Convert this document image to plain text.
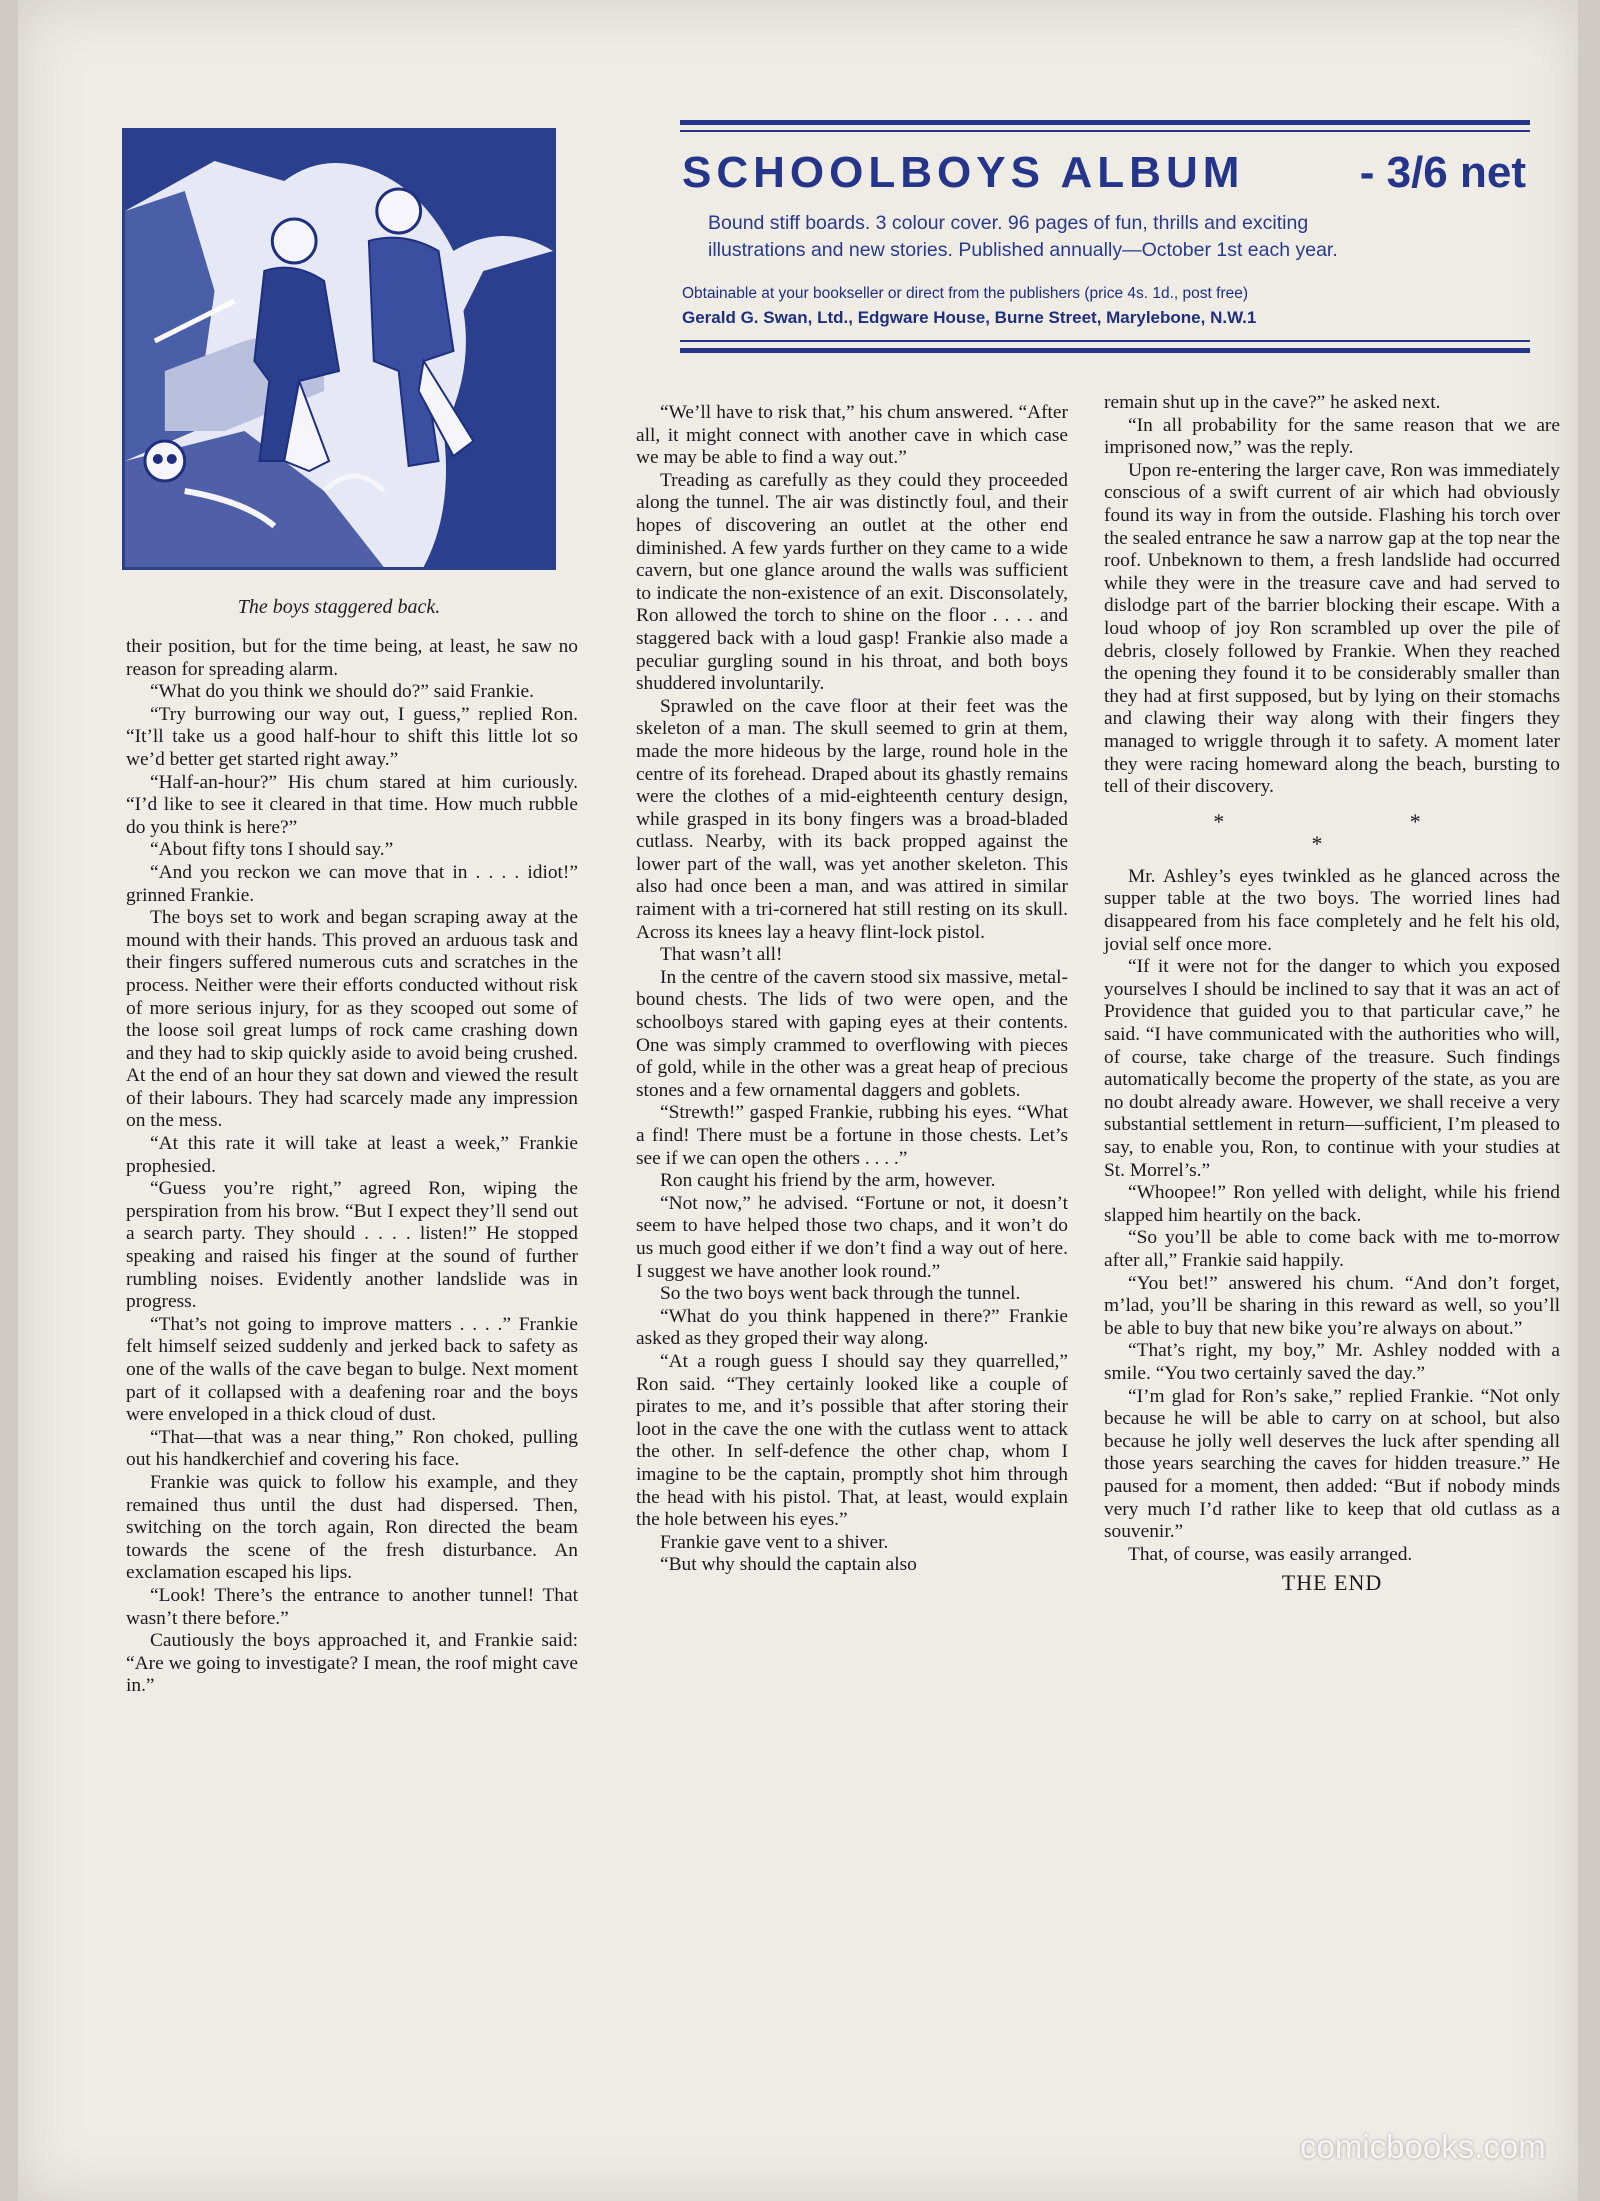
The boys staggered back.
SCHOOLBOYS ALBUM	- 3/6 net
Bound stiff boards. 3 colour cover. 96 pages of fun, thrills and exciting
illustrations and new stories. Published annually—October 1st each year.
Obtainable at your bookseller or direct from the publishers (price 4s. 1d., post free)
Gerald G. Swan, Ltd., Edgware House, Burne Street, Marylebone, N.W.1

their position, but for the time being, at least, he saw no reason for spreading alarm.

“What do you think we should do?” said Frankie.

“Try burrowing our way out, I guess,” replied Ron. “It’ll take us a good half-hour to shift this little lot so we’d better get started right away.”

“Half-an-hour?” His chum stared at him curiously. “I’d like to see it cleared in that time. How much rubble do you think is here?”

“About fifty tons I should say.”

“And you reckon we can move that in . . . . idiot!” grinned Frankie.

The boys set to work and began scraping away at the mound with their hands. This proved an arduous task and their fingers suffered numerous cuts and scratches in the process. Neither were their efforts conducted without risk of more serious injury, for as they scooped out some of the loose soil great lumps of rock came crashing down and they had to skip quickly aside to avoid being crushed. At the end of an hour they sat down and viewed the result of their labours. They had scarcely made any impression on the mess.

“At this rate it will take at least a week,” Frankie prophesied.

“Guess you’re right,” agreed Ron, wiping the perspiration from his brow. “But I expect they’ll send out a search party. They should . . . . listen!” He stopped speaking and raised his finger at the sound of further rumbling noises. Evidently another landslide was in progress.

“That’s not going to improve matters . . . .” Frankie felt himself seized suddenly and jerked back to safety as one of the walls of the cave began to bulge. Next moment part of it collapsed with a deafening roar and the boys were enveloped in a thick cloud of dust.

“That—that was a near thing,” Ron choked, pulling out his handkerchief and covering his face.

Frankie was quick to follow his example, and they remained thus until the dust had dispersed. Then, switching on the torch again, Ron directed the beam towards the scene of the fresh disturbance. An exclamation escaped his lips.

“Look! There’s the entrance to another tunnel! That wasn’t there before.”

Cautiously the boys approached it, and Frankie said: “Are we going to investigate? I mean, the roof might cave in.”

“We’ll have to risk that,” his chum answered. “After all, it might connect with another cave in which case we may be able to find a way out.”

Treading as carefully as they could they proceeded along the tunnel. The air was distinctly foul, and their hopes of discovering an outlet at the other end diminished. A few yards further on they came to a wide cavern, but one glance around the walls was sufficient to indicate the non-existence of an exit. Disconsolately, Ron allowed the torch to shine on the floor . . . . and staggered back with a loud gasp! Frankie also made a peculiar gurgling sound in his throat, and both boys shuddered involuntarily.

Sprawled on the cave floor at their feet was the skeleton of a man. The skull seemed to grin at them, made the more hideous by the large, round hole in the centre of its forehead. Draped about its ghastly remains were the clothes of a mid-eighteenth century design, while grasped in its bony fingers was a broad-bladed cutlass. Nearby, with its back propped against the lower part of the wall, was yet another skeleton. This also had once been a man, and was attired in similar raiment with a tri-cornered hat still resting on its skull. Across its knees lay a heavy flint-lock pistol.

That wasn’t all!

In the centre of the cavern stood six massive, metal-bound chests. The lids of two were open, and the schoolboys stared with gaping eyes at their contents. One was simply crammed to overflowing with pieces of gold, while in the other was a great heap of precious stones and a few ornamental daggers and goblets.

“Strewth!” gasped Frankie, rubbing his eyes. “What a find! There must be a fortune in those chests. Let’s see if we can open the others . . . .”

Ron caught his friend by the arm, however.

“Not now,” he advised. “Fortune or not, it doesn’t seem to have helped those two chaps, and it won’t do us much good either if we don’t find a way out of here. I suggest we have another look round.”

So the two boys went back through the tunnel.

“What do you think happened in there?” Frankie asked as they groped their way along.

“At a rough guess I should say they quarrelled,” Ron said. “They certainly looked like a couple of pirates to me, and it’s possible that after storing their loot in the cave the one with the cutlass went to attack the other. In self-defence the other chap, whom I imagine to be the captain, promptly shot him through the head with his pistol. That, at least, would explain the hole between his eyes.”

Frankie gave vent to a shiver.

“But why should the captain also

remain shut up in the cave?” he asked next.

“In all probability for the same reason that we are imprisoned now,” was the reply.

Upon re-entering the larger cave, Ron was immediately conscious of a swift current of air which had obviously found its way in from the outside. Flashing his torch over the sealed entrance he saw a narrow gap at the top near the roof. Unbeknown to them, a fresh landslide had occurred while they were in the treasure cave and had served to dislodge part of the barrier blocking their escape. With a loud whoop of joy Ron scrambled up over the pile of debris, closely followed by Frankie. When they reached the opening they found it to be considerably smaller than they had at first supposed, but by lying on their stomachs and clawing their way along with their fingers they managed to wriggle through it to safety. A moment later they were racing homeward along the beach, bursting to tell of their discovery.

* * *

Mr. Ashley’s eyes twinkled as he glanced across the supper table at the two boys. The worried lines had disappeared from his face completely and he felt his old, jovial self once more.

“If it were not for the danger to which you exposed yourselves I should be inclined to say that it was an act of Providence that guided you to that particular cave,” he said. “I have communicated with the authorities who will, of course, take charge of the treasure. Such findings automatically become the property of the state, as you are no doubt already aware. However, we shall receive a very substantial settlement in return—sufficient, I’m pleased to say, to enable you, Ron, to continue with your studies at St. Morrel’s.”

“Whoopee!” Ron yelled with delight, while his friend slapped him heartily on the back.

“So you’ll be able to come back with me to-morrow after all,” Frankie said happily.

“You bet!” answered his chum. “And don’t forget, m’lad, you’ll be sharing in this reward as well, so you’ll be able to buy that new bike you’re always on about.”

“That’s right, my boy,” Mr. Ashley nodded with a smile. “You two certainly saved the day.”

“I’m glad for Ron’s sake,” replied Frankie. “Not only because he will be able to carry on at school, but also because he jolly well deserves the luck after spending all those years searching the caves for hidden treasure.” He paused for a moment, then added: “But if nobody minds very much I’d rather like to keep that old cutlass as a souvenir.”

That, of course, was easily arranged.

THE END
comicbooks.com
